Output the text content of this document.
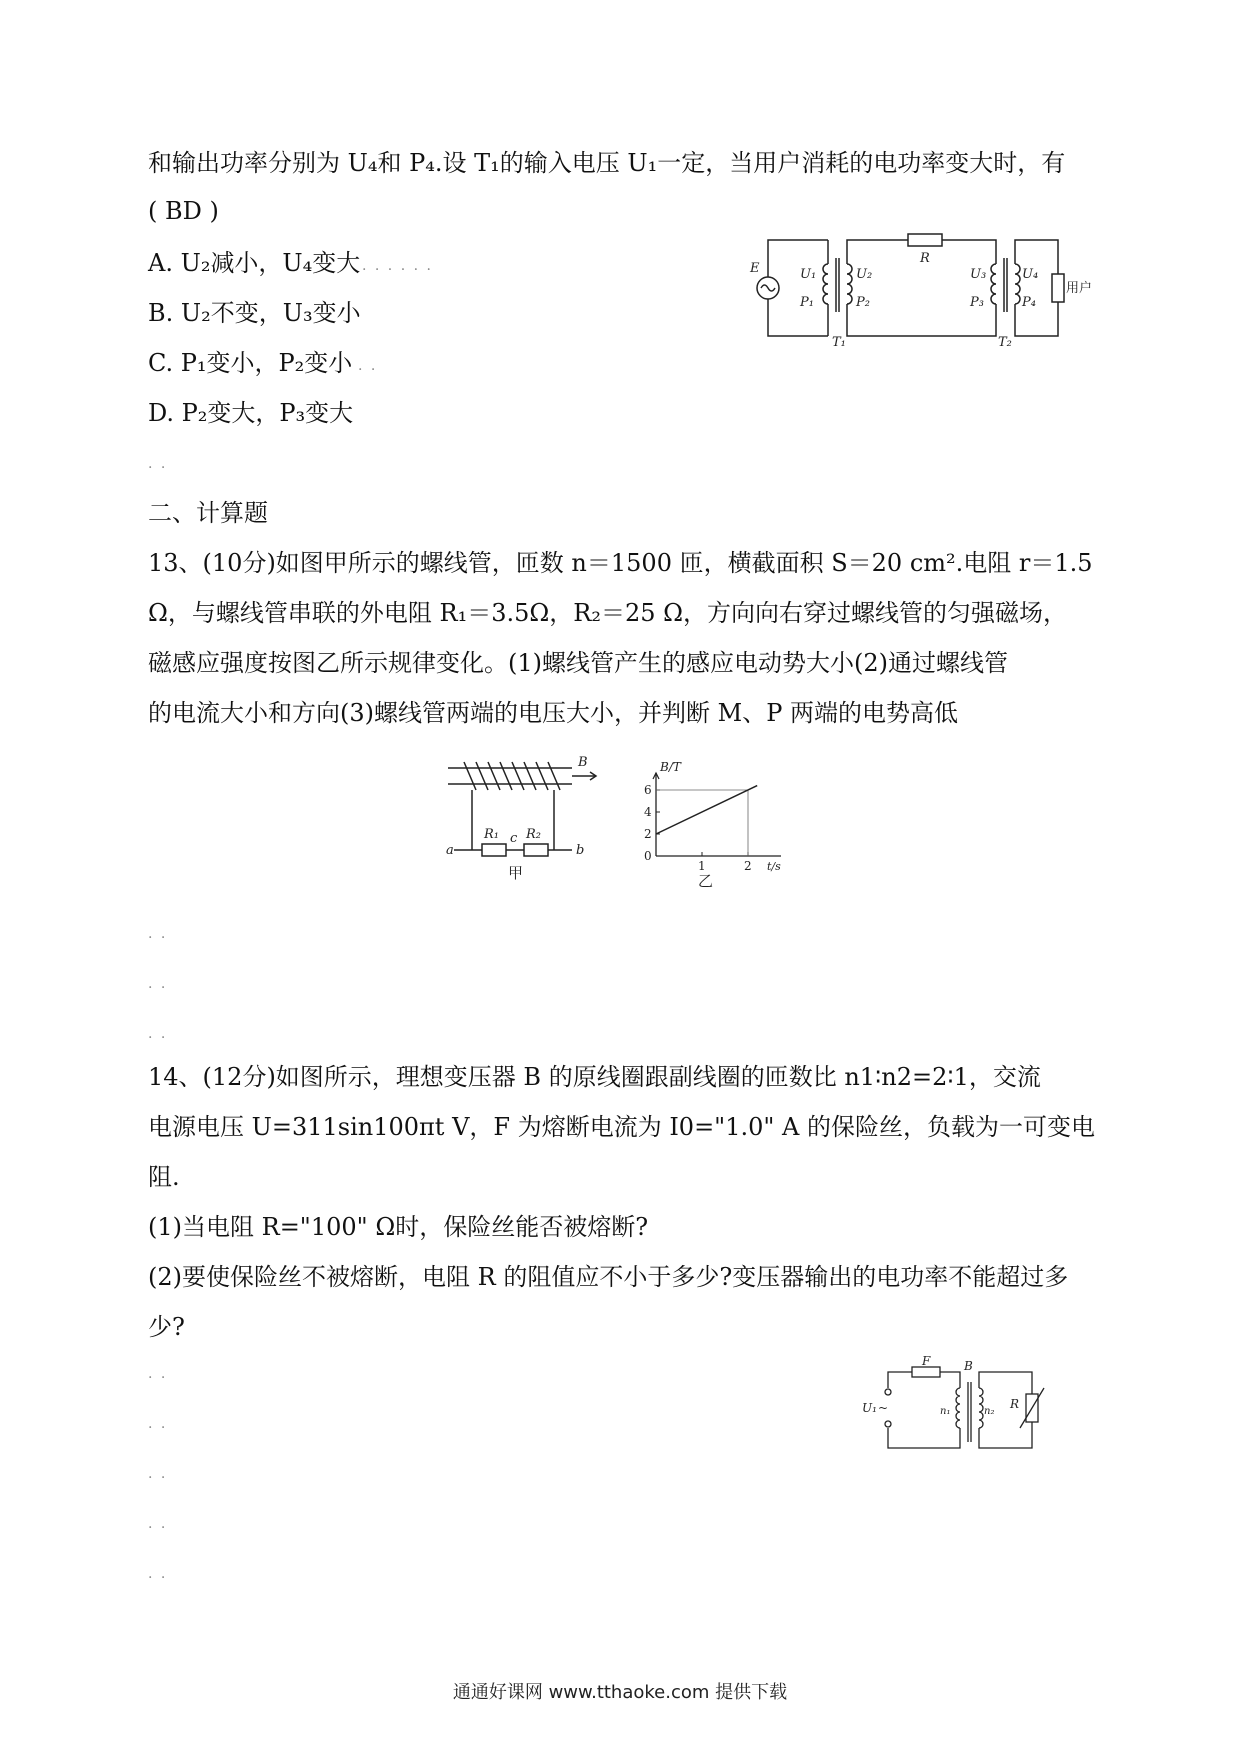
和输出功率分别为 U₄和 P₄.设 T₁的输入电压 U₁一定，当用户消耗的电功率变大时，有
( BD )
A. U₂减小，U₄变大 . . . . . .
B. U₂不变，U₃变小
C. P₁变小，P₂变小 . .
D. P₂变大，P₃变大
E	U₁
P₁
U₂
P₂
T₁
R
U₃
P₃
U₄
P₄
T₂
用户
. .
二、计算题
13、(10分)如图甲所示的螺线管，匝数 n＝1500 匝，横截面积 S＝20 cm².电阻 r＝1.5
Ω，与螺线管串联的外电阻 R₁＝3.5Ω，R₂＝25 Ω，方向向右穿过螺线管的匀强磁场，
磁感应强度按图乙所示规律变化。(1)螺线管产生的感应电动势大小(2)通过螺线管
的电流大小和方向(3)螺线管两端的电压大小，并判断 M、P 两端的电势高低
B
R₁ c R₂
a	b
甲
2
4
6
0
1	2
B/T
t/s
乙
. .
. .
. .
14、(12分)如图所示，理想变压器 B 的原线圈跟副线圈的匝数比 n1∶n2=2∶1，交流
电源电压 U=311sin100πt V，F 为熔断电流为 I0="1.0" A 的保险丝，负载为一可变电
阻.
(1)当电阻 R="100" Ω时，保险丝能否被熔断?
(2)要使保险丝不被熔断，电阻 R 的阻值应不小于多少?变压器输出的电功率不能超过多
少?
. .
. .
. .
. .
. .
F	B
U₁ ~	n₁	n₂
R
通通好课网 www.tthaoke.com 提供下载
